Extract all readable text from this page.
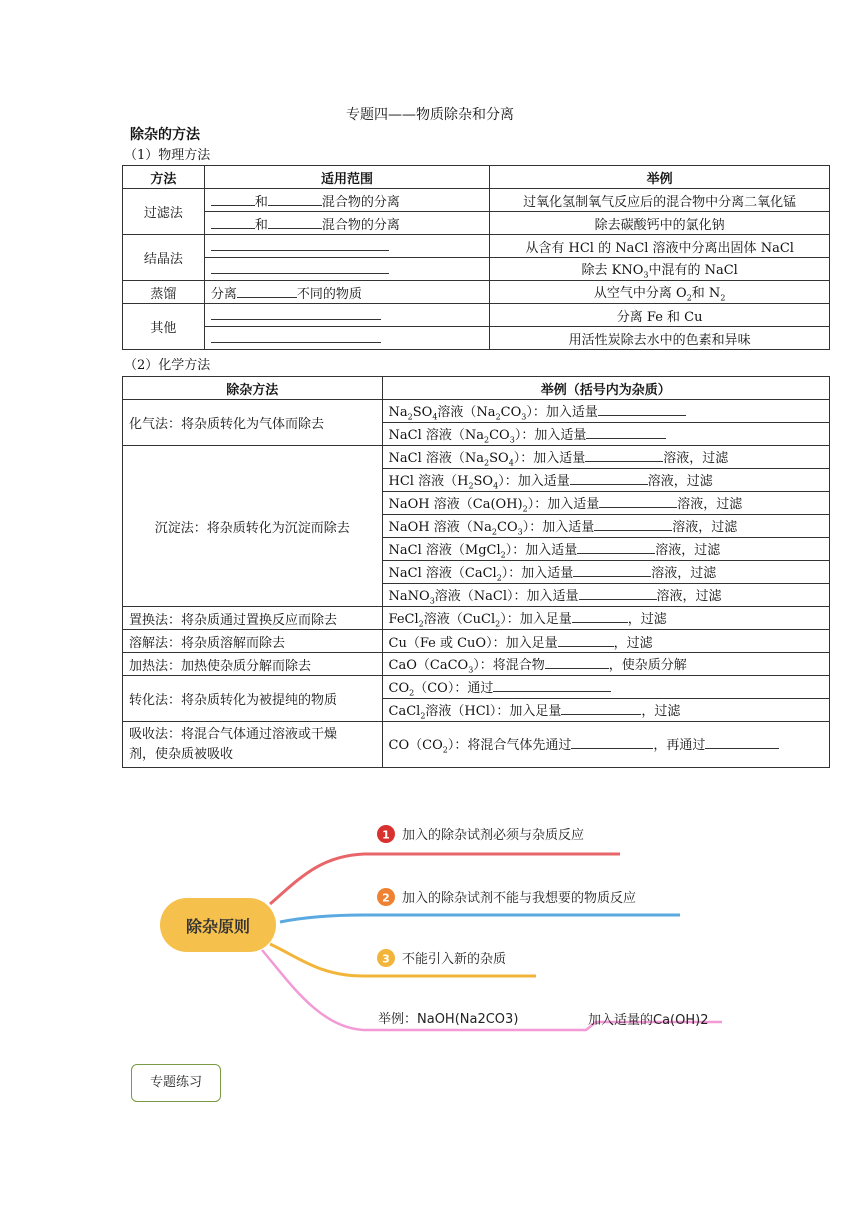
专题四——物质除杂和分离
除杂的方法
（1）物理方法
方法	适用范围	举例
过滤法	和 混合物的分离	过氧化氢制氧气反应后的混合物中分离二氧化锰
	和 混合物的分离	除去碳酸钙中的氯化钠
结晶法		从含有 HCl 的 NaCl 溶液中分离出固体 NaCl
		除去 $KNO_3$中混有的 NaCl
蒸馏	分离 不同的物质	从空气中分离 $O_2$和 $N_2$
其他		分离 Fe 和 Cu
		用活性炭除去水中的色素和异味
（2）化学方法
除杂方法	举例（括号内为杂质）
化气法：将杂质转化为气体而除去	$Na_2SO_4$溶液$(Na_2CO_3)$：加入适量
	NaCl 溶液$(Na_2CO_3)$：加入适量
沉淀法：将杂质转化为沉淀而除去	NaCl 溶液$(Na_2SO_4)$：加入适量 溶液，过滤
	HCl 溶液$(H_2SO_4)$：加入适量 溶液，过滤
	NaOH 溶液$(Ca(OH)_2)$：加入适量 溶液，过滤
	NaOH 溶液$(Na_2CO_3)$：加入适量 溶液，过滤
	NaCl 溶液（MgCl$_2$）：加入适量 溶液，过滤
	NaCl 溶液（CaCl$_2$）：加入适量 溶液，过滤
	NaNO$_3$溶液（NaCl）：加入适量 溶液，过滤
置换法：将杂质通过置换反应而除去	FeCl$_2$溶液（CuCl$_2$）：加入足量 ，过滤
溶解法：将杂质溶解而除去	Cu（Fe 或 CuO）：加入足量 ，过滤
加热法：加热使杂质分解而除去	CaO（CaCO$_3$）：将混合物 ，使杂质分解
转化法：将杂质转化为被提纯的物质	$CO_2(CO)$：通过
	CaCl$_2$溶液（HCl）：加入足量 ，过滤
吸收法：将混合气体通过溶液或干燥
剂，使杂质被吸收	$CO(CO_2)$：将混合气体先通过 ，再通过
除杂原则
1 加入的除杂试剂必须与杂质反应
2 加入的除杂试剂不能与我想要的物质反应
3 不能引入新的杂质
举例：NaOH(Na2CO3)	加入适量的Ca(OH)2
专题练习
